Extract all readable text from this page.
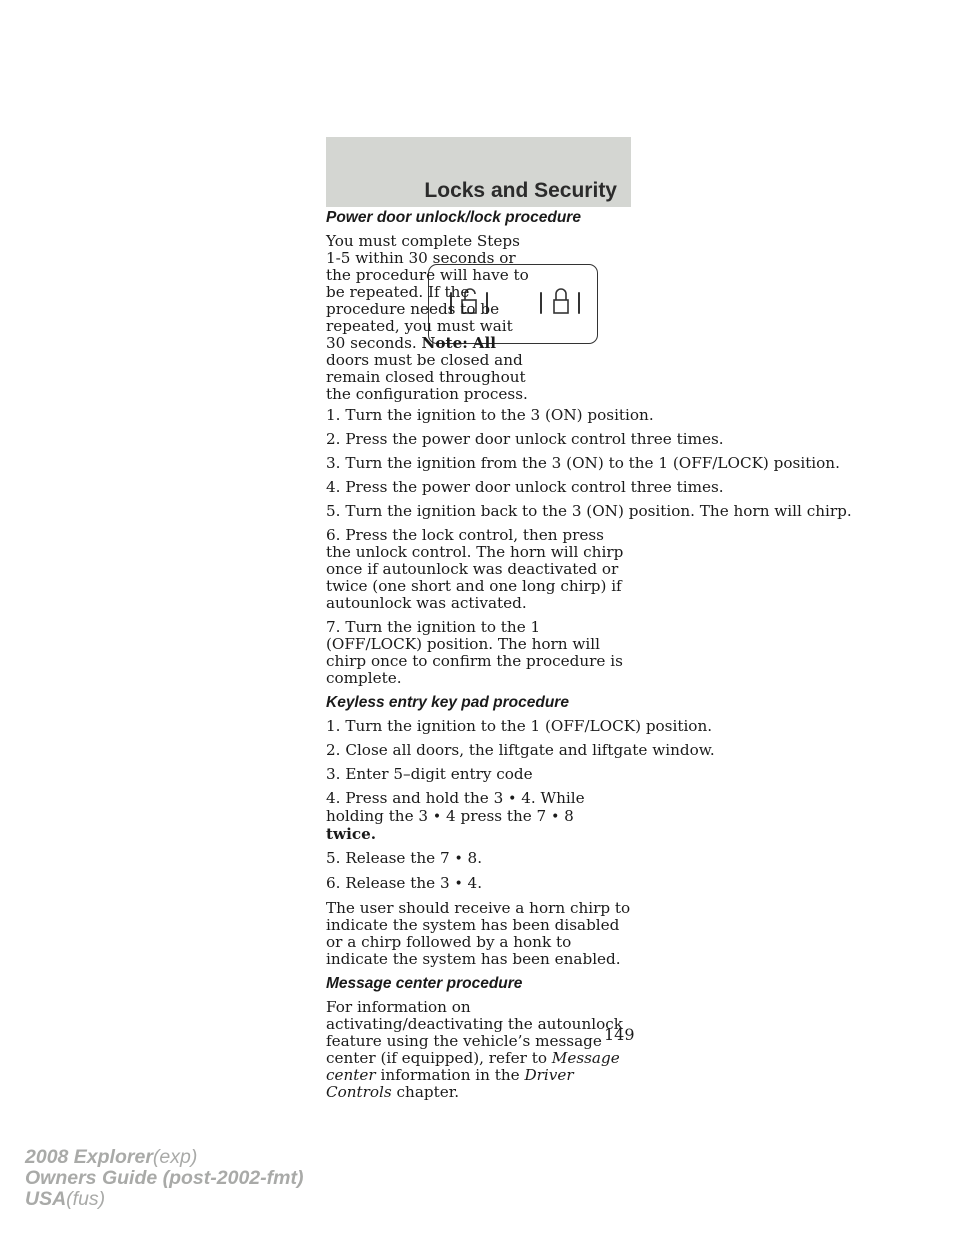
Locks and Security
Power door unlock/lock procedure

You must complete Steps 1-5 within 30 seconds or the procedure will have to be repeated. If the procedure needs to be repeated, you must wait 30 seconds. Note: All doors must be closed and remain closed throughout the configuration process.

1. Turn the ignition to the 3 (ON) position.

2. Press the power door unlock control three times.

3. Turn the ignition from the 3 (ON) to the 1 (OFF/LOCK) position.

4. Press the power door unlock control three times.

5. Turn the ignition back to the 3 (ON) position. The horn will chirp.

6. Press the lock control, then press the unlock control. The horn will chirp once if autounlock was deactivated or twice (one short and one long chirp) if autounlock was activated.

7. Turn the ignition to the 1 (OFF/LOCK) position. The horn will chirp once to confirm the procedure is complete.

Keyless entry key pad procedure

1. Turn the ignition to the 1 (OFF/LOCK) position.

2. Close all doors, the liftgate and liftgate window.

3. Enter 5–digit entry code

4. Press and hold the 3 • 4. While holding the 3 • 4 press the 7 • 8
twice.

5. Release the 7 • 8.

6. Release the 3 • 4.

The user should receive a horn chirp to indicate the system has been disabled or a chirp followed by a honk to indicate the system has been enabled.

Message center procedure

For information on activating/deactivating the autounlock feature using the vehicle’s message center (if equipped), refer to Message center information in the Driver Controls chapter.

149
2008 Explorer(exp)
Owners Guide (post-2002-fmt)
USA(fus)
